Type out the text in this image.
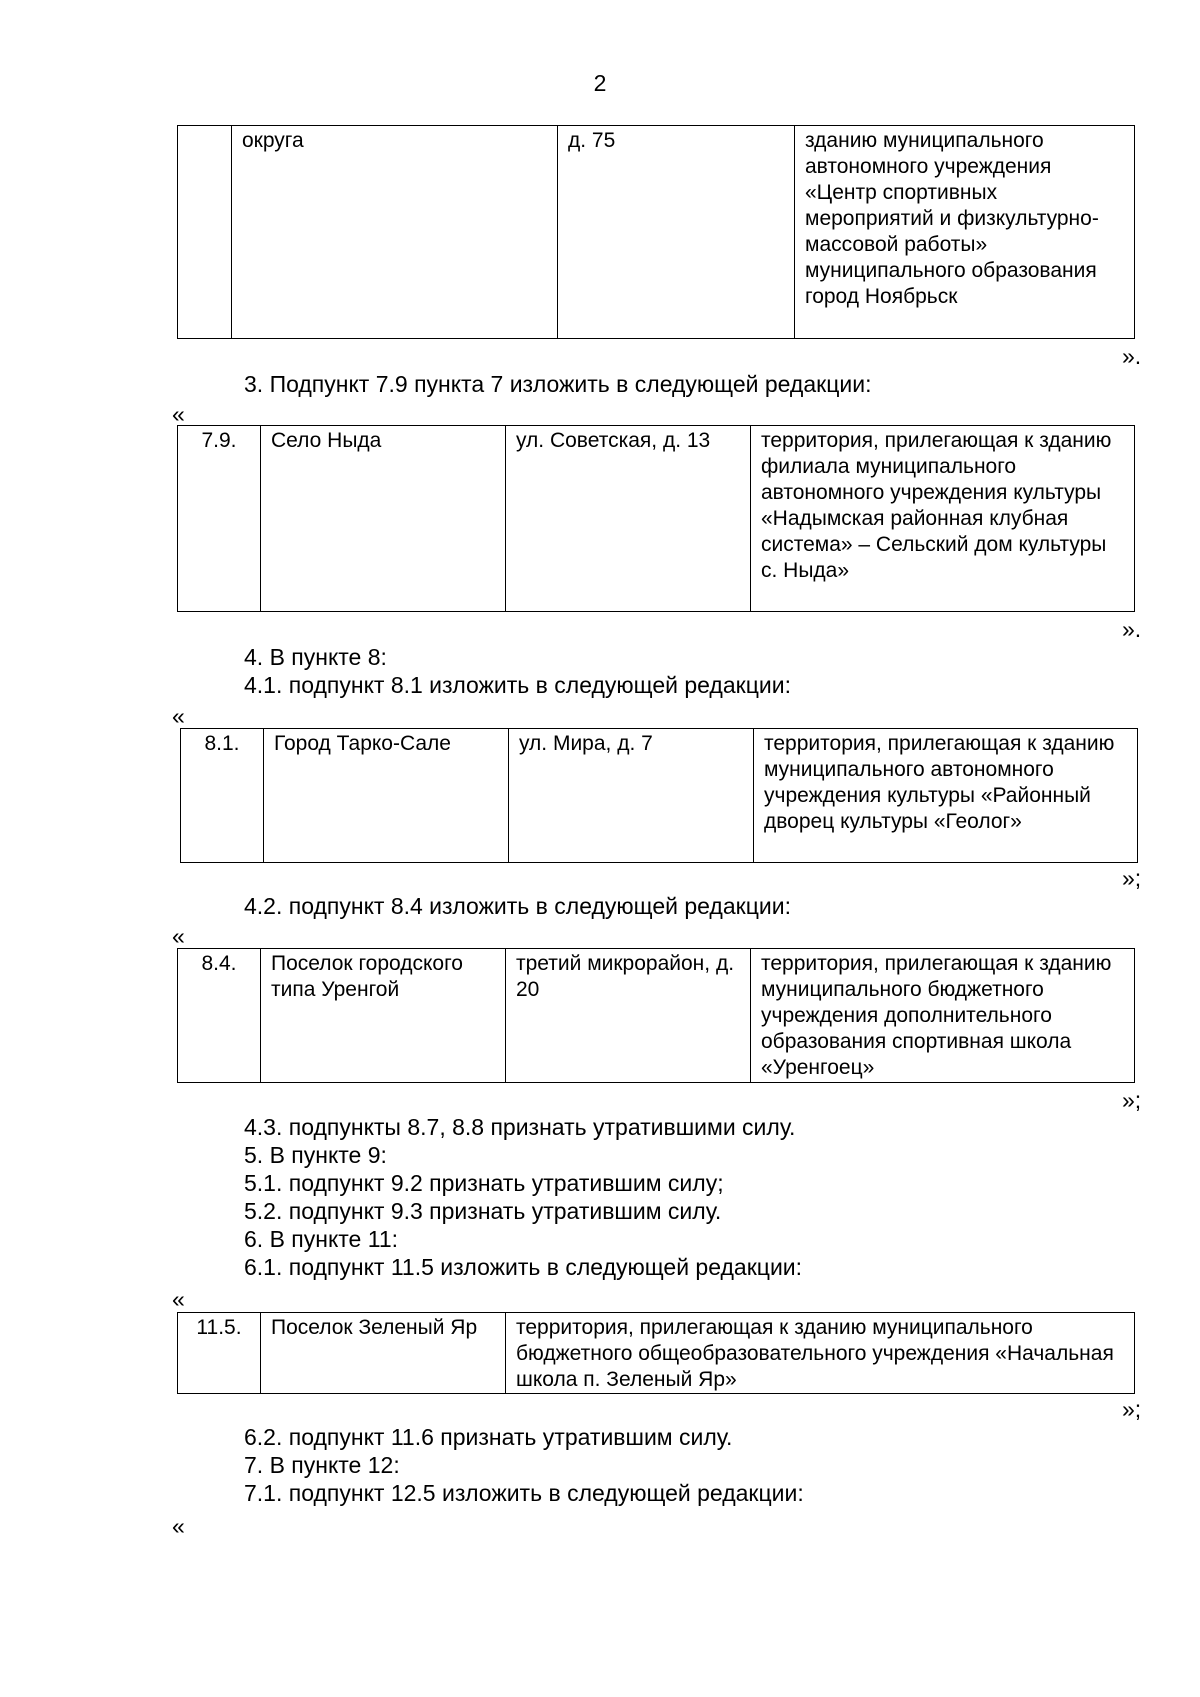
2
	округа	д. 75	зданию муниципального автономного учреждения «Центр спортивных мероприятий и физкультурно-массовой работы» муниципального образования город Ноябрьск
».
3. Подпункт 7.9 пункта 7 изложить в следующей редакции:
«
7.9.	Село Ныда	ул. Советская, д. 13	территория, прилегающая к зданию филиала муниципального автономного учреждения культуры «Надымская районная клубная система» – Сельский дом культуры с. Ныда»
».
4. В пункте 8:
4.1. подпункт 8.1 изложить в следующей редакции:
«
8.1.	Город Тарко-Сале	ул. Мира, д. 7	территория, прилегающая к зданию муниципального автономного учреждения культуры «Районный дворец культуры «Геолог»
»;
4.2. подпункт 8.4 изложить в следующей редакции:
«
8.4.	Поселок городского типа Уренгой	третий микрорайон, д. 20	территория, прилегающая к зданию муниципального бюджетного учреждения дополнительного образования спортивная школа «Уренгоец»
»;
4.3. подпункты 8.7, 8.8 признать утратившими силу.
5. В пункте 9:
5.1. подпункт 9.2 признать утратившим силу;
5.2. подпункт 9.3 признать утратившим силу.
6. В пункте 11:
6.1. подпункт 11.5 изложить в следующей редакции:
«
11.5.	Поселок Зеленый Яр	территория, прилегающая к зданию муниципального бюджетного общеобразовательного учреждения «Начальная школа п. Зеленый Яр»
»;
6.2. подпункт 11.6 признать утратившим силу.
7. В пункте 12:
7.1. подпункт 12.5 изложить в следующей редакции:
«
